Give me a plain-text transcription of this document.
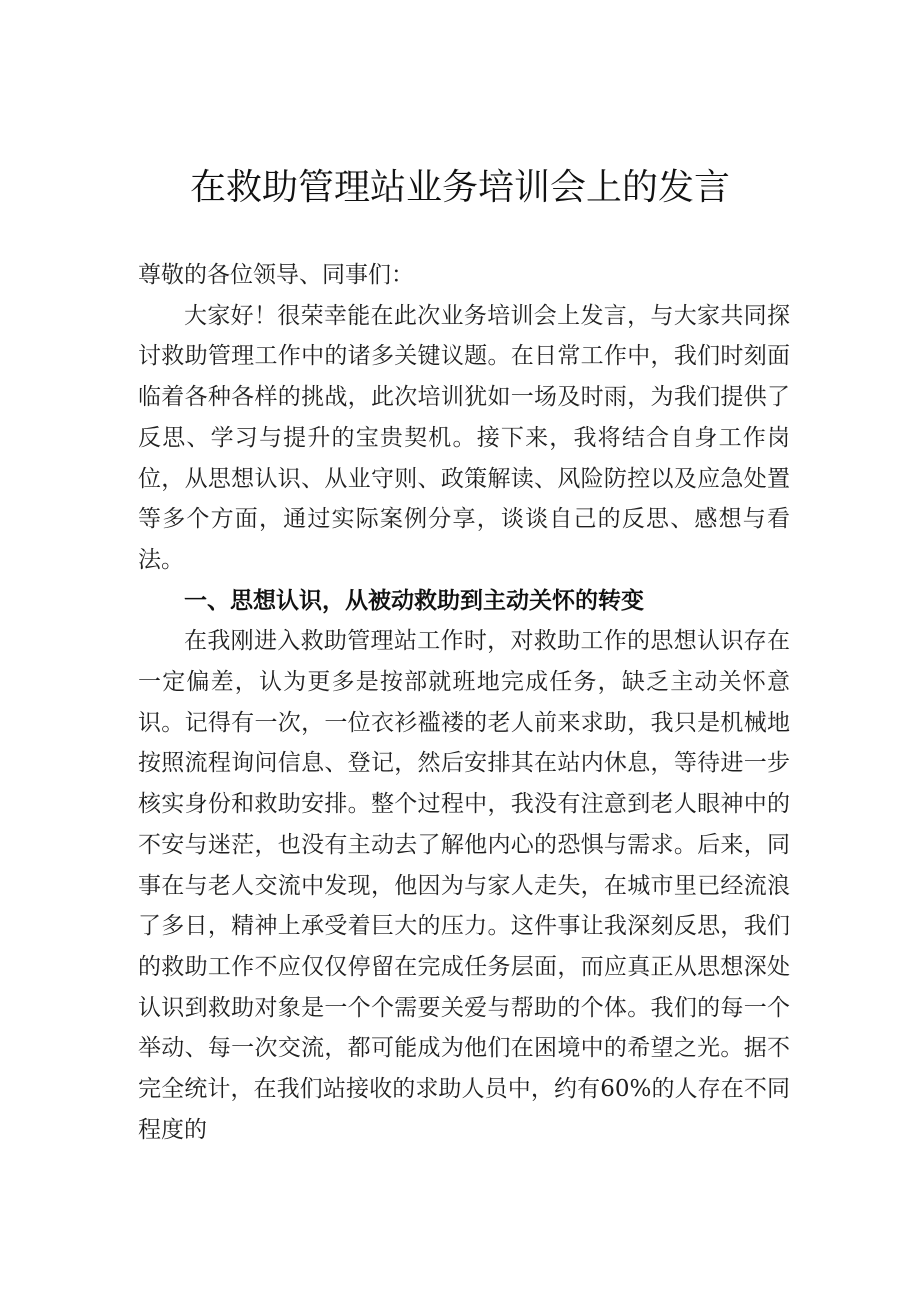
在救助管理站业务培训会上的发言

尊敬的各位领导、同事们：

大家好！很荣幸能在此次业务培训会上发言，与大家共同探讨救助管理工作中的诸多关键议题。在日常工作中，我们时刻面临着各种各样的挑战，此次培训犹如一场及时雨，为我们提供了反思、学习与提升的宝贵契机。接下来，我将结合自身工作岗位，从思想认识、从业守则、政策解读、风险防控以及应急处置等多个方面，通过实际案例分享，谈谈自己的反思、感想与看法。

一、思想认识，从被动救助到主动关怀的转变

在我刚进入救助管理站工作时，对救助工作的思想认识存在一定偏差，认为更多是按部就班地完成任务，缺乏主动关怀意识。记得有一次，一位衣衫褴褛的老人前来求助，我只是机械地按照流程询问信息、登记，然后安排其在站内休息，等待进一步核实身份和救助安排。整个过程中，我没有注意到老人眼神中的不安与迷茫，也没有主动去了解他内心的恐惧与需求。后来，同事在与老人交流中发现，他因为与家人走失，在城市里已经流浪了多日，精神上承受着巨大的压力。这件事让我深刻反思，我们的救助工作不应仅仅停留在完成任务层面，而应真正从思想深处认识到救助对象是一个个需要关爱与帮助的个体。我们的每一个举动、每一次交流，都可能成为他们在困境中的希望之光。据不完全统计，在我们站接收的求助人员中，约有60%的人存在不同程度的
